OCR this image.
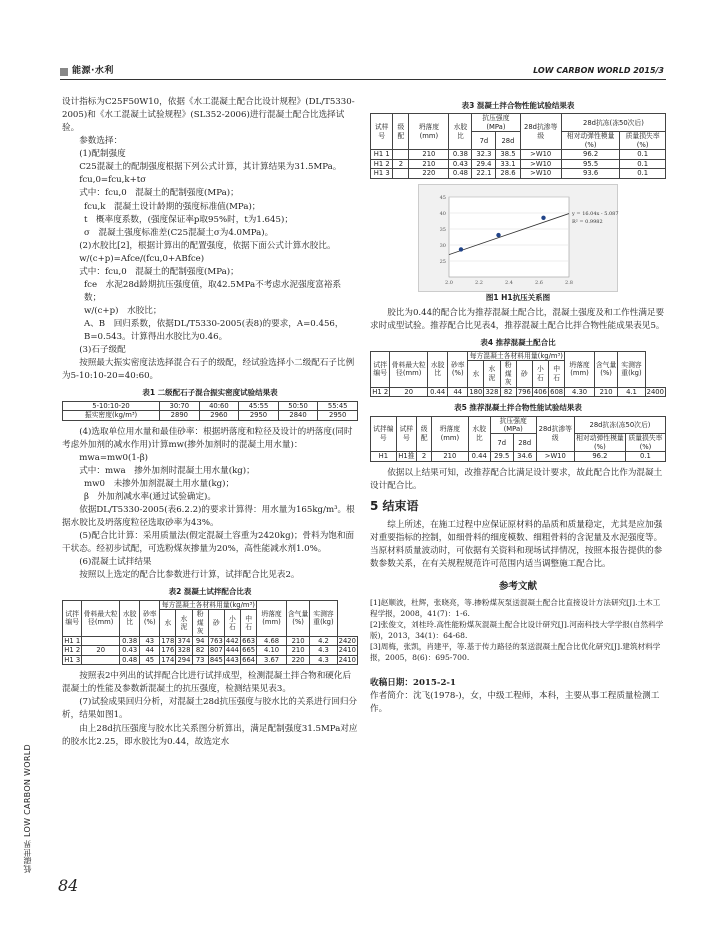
能源·水利	LOW CARBON WORLD 2015/3
低碳世界 LOW CARBON WORLD
84

设计指标为C25F50W10，依据《水工混凝土配合比设计规程》(DL/T5330-2005)和《水工混凝土试验规程》(SL352-2006)进行混凝土配合比选择试验。

参数选择：

(1)配制强度

C25混凝土的配制强度根据下列公式计算，其计算结果为31.5MPa。

fcu,0=fcu,k+tσ

式中：fcu,0　混凝土的配制强度(MPa)；

fcu,k　混凝土设计龄期的强度标准值(MPa)；

t　概率度系数，(强度保证率p取95%时，t为1.645)；

σ　混凝土强度标准差(C25混凝土σ为4.0MPa)。

(2)水胶比[2]，根据计算出的配置强度，依据下面公式计算水胶比。

w/(c+p)=Afce/(fcu,0+ABfce)

式中：fcu,0　混凝土的配制强度(MPa)；

fce　水泥28d龄期抗压强度值，取42.5MPa不考虑水泥强度富裕系数；

w/(c+p)　水胶比；

A、B　回归系数，依据DL/T5330-2005(表8)的要求，A=0.456，B=0.543。计算得出水胶比为0.46。

(3)石子级配

按照最大振实密度法选择混合石子的级配，经试验选择小二级配石子比例为5-10:10-20=40:60。

表1 二级配石子混合振实密度试验结果表
5-10:10-20	30:70	40:60	45:55	50:50	55:45
振实密度(kg/m³)	2890	2960	2950	2840	2950

(4)选取单位用水量和最佳砂率：根据坍落度和粒径及设计的坍落度(同时考虑外加剂的减水作用)计算mw(掺外加剂时的混凝土用水量)：

mwa=mw0(1-β)

式中：mwa　掺外加剂时混凝土用水量(kg)；

mw0　未掺外加剂混凝土用水量(kg)；

β　外加剂减水率(通过试验确定)。

依据DL/T5330-2005(表6.2.2)的要求计算得：用水量为165kg/m³。根据水胶比及坍落度粒径选取砂率为43%。

(5)配合比计算：采用质量法(假定混凝土容重为2420kg)；骨料为饱和面干状态。经初步试配，可选粉煤灰掺量为20%，高性能减水剂1.0%。

(6)混凝土试拌结果

按照以上选定的配合比参数进行计算，试拌配合比见表2。

表2 混凝土试拌配合比表
试拌编号	骨料最大粒径(mm)	水胶比	砂率(%)	每方混凝土各材料用量(kg/m³)						坍落度(mm)	含气量(%)	实测容重(kg)	
				水	水泥	粉煤灰	砂	小石	中石				
H1 1		0.38	43	178	374	94	763	442	663	4.68	210	4.2	2420
H1 2	20	0.43	44	176	328	82	807	444	665	4.10	210	4.3	2410
H1 3		0.48	45	174	294	73	845	443	664	3.67	220	4.3	2410

按照表2中列出的试拌配合比进行试拌成型，检测混凝土拌合物和硬化后混凝土的性能及参数新混凝土的抗压强度，检测结果见表3。

(7)试验成果回归分析，对混凝土28d抗压强度与胶水比的关系进行回归分析，结果如图1。

由上28d抗压强度与胶水比关系图分析算出，满足配制强度31.5MPa对应的胶水比2.25，即水胶比为0.44，故选定水

表3 混凝土拌合物性能试验结果表
试样号	级配	坍落度(mm)	水胶比	抗压强度(MPa)		28d抗渗等级	28d抗冻(冻50次后)	
				7d	28d		相对动弹性模量(%)	质量损失率(%)
H1 1		210	0.38	32.3	38.5	>W10	96.2	0.1
H1 2	2	210	0.43	29.4	33.1	>W10	95.5	0.1
H1 3		220	0.48	22.1	28.6	>W10	93.6	0.1
25
30
35
40
45
2.0	2.2	2.4	2.6	2.8
y = 16.04x - 5.087
R² = 0.9982
图1 H1抗压关系图

胶比为0.44的配合比为推荐混凝土配合比，混凝土强度及和工作性满足要求时成型试验。推荐配合比见表4，推荐混凝土配合比拌合物性能成果表见5。

表4 推荐混凝土配合比
试拌编号	骨料最大粒径(mm)	水胶比	砂率(%)	每方混凝土各材料用量(kg/m³)						坍落度(mm)	含气量(%)	实测容重(kg)	
				水	水泥	粉煤灰	砂	小石	中石				
H1 2	20	0.44	44	180	328	82	796	406	608	4.30	210	4.1	2400
表5 推荐混凝土拌合物性能试验结果表
试拌编号	试样号	级配	坍落度(mm)	水胶比	抗压强度(MPa)		28d抗渗等级	28d抗冻(冻50次后)	
					7d	28d		相对动弹性模量(%)	质量损失率(%)
H1	H1推	2	210	0.44	29.5	34.6	>W10	96.2	0.1

依据以上结果可知，改推荐配合比满足设计要求，故此配合比作为混凝土设计配合比。

5 结束语

综上所述，在施工过程中应保证原材料的品质和质量稳定，尤其是应加强对重要指标的控制，如细骨料的细度模数、细粗骨料的含泥量及水泥强度等。当原材料质量波动时，可依据有关资料和现场试拌情况，按照本报告提供的参数参数关系，在有关规程规范许可范围内适当调整施工配合比。

参考文献

[1]赵顺波，杜辉，张晓亮，等.掺粉煤灰泵送混凝土配合比直接设计方法研究[J].土木工程学报，2008，41(7)：1-6.

[2]张俊文，刘桂玲.高性能粉煤灰混凝土配合比设计研究[J].河南科技大学学报(自然科学版)，2013，34(1)：64-68.

[3]周梅，张凯，肖建平，等.基于传力路径的泵送混凝土配合比优化研究[J].建筑材料学报，2005，8(6)：695-700.

收稿日期：2015-2-1

作者简介：沈飞(1978-)，女，中级工程师，本科，主要从事工程质量检测工作。
